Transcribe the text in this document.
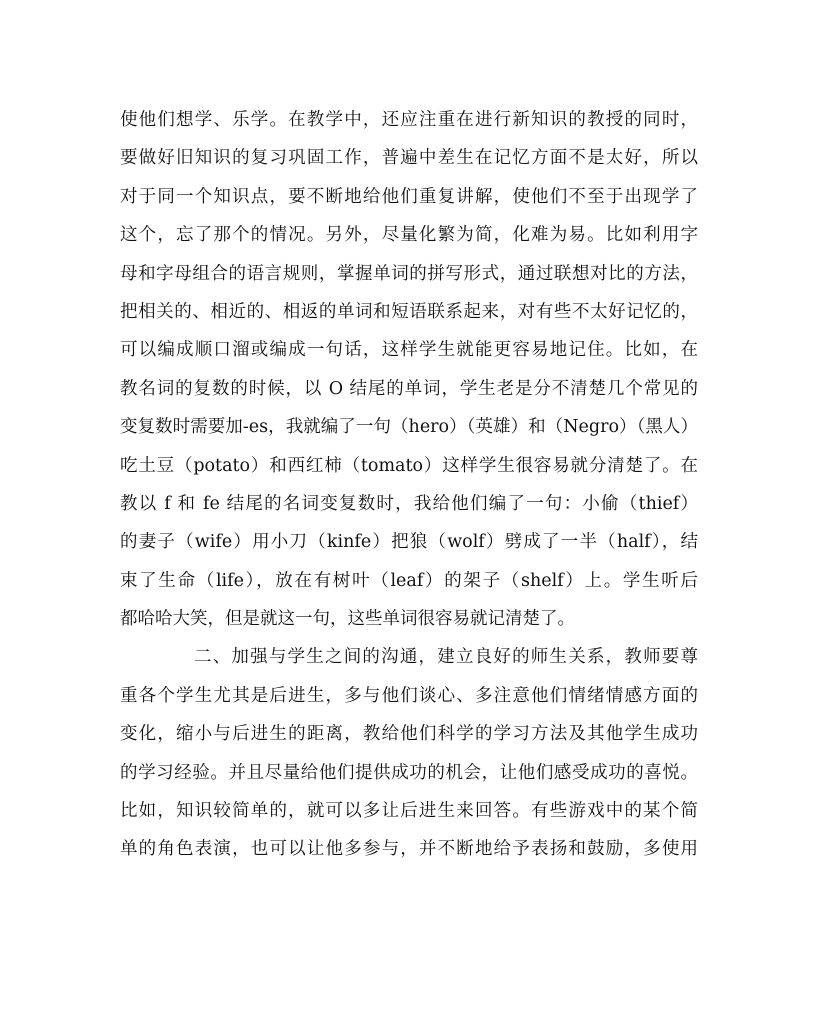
使他们想学、乐学。在教学中，还应注重在进行新知识的教授的同时，
要做好旧知识的复习巩固工作，普遍中差生在记忆方面不是太好，所以
对于同一个知识点，要不断地给他们重复讲解，使他们不至于出现学了
这个，忘了那个的情况。另外，尽量化繁为简，化难为易。比如利用字
母和字母组合的语言规则，掌握单词的拼写形式，通过联想对比的方法，
把相关的、相近的、相返的单词和短语联系起来，对有些不太好记忆的，
可以编成顺口溜或编成一句话，这样学生就能更容易地记住。比如，在
教名词的复数的时候，以 O 结尾的单词，学生老是分不清楚几个常见的
变复数时需要加-es，我就编了一句（hero）（英雄）和（Negro）（黑人）
吃土豆（potato）和西红柿（tomato）这样学生很容易就分清楚了。在
教以 f 和 fe 结尾的名词变复数时，我给他们编了一句：小偷（thief）
的妻子（wife）用小刀（kinfe）把狼（wolf）劈成了一半（half），结
束了生命（life），放在有树叶（leaf）的架子（shelf）上。学生听后
都哈哈大笑，但是就这一句，这些单词很容易就记清楚了。
二、加强与学生之间的沟通，建立良好的师生关系，教师要尊
重各个学生尤其是后进生，多与他们谈心、多注意他们情绪情感方面的
变化，缩小与后进生的距离，教给他们科学的学习方法及其他学生成功
的学习经验。并且尽量给他们提供成功的机会，让他们感受成功的喜悦。
比如，知识较简单的，就可以多让后进生来回答。有些游戏中的某个简
单的角色表演，也可以让他多参与，并不断地给予表扬和鼓励，多使用
